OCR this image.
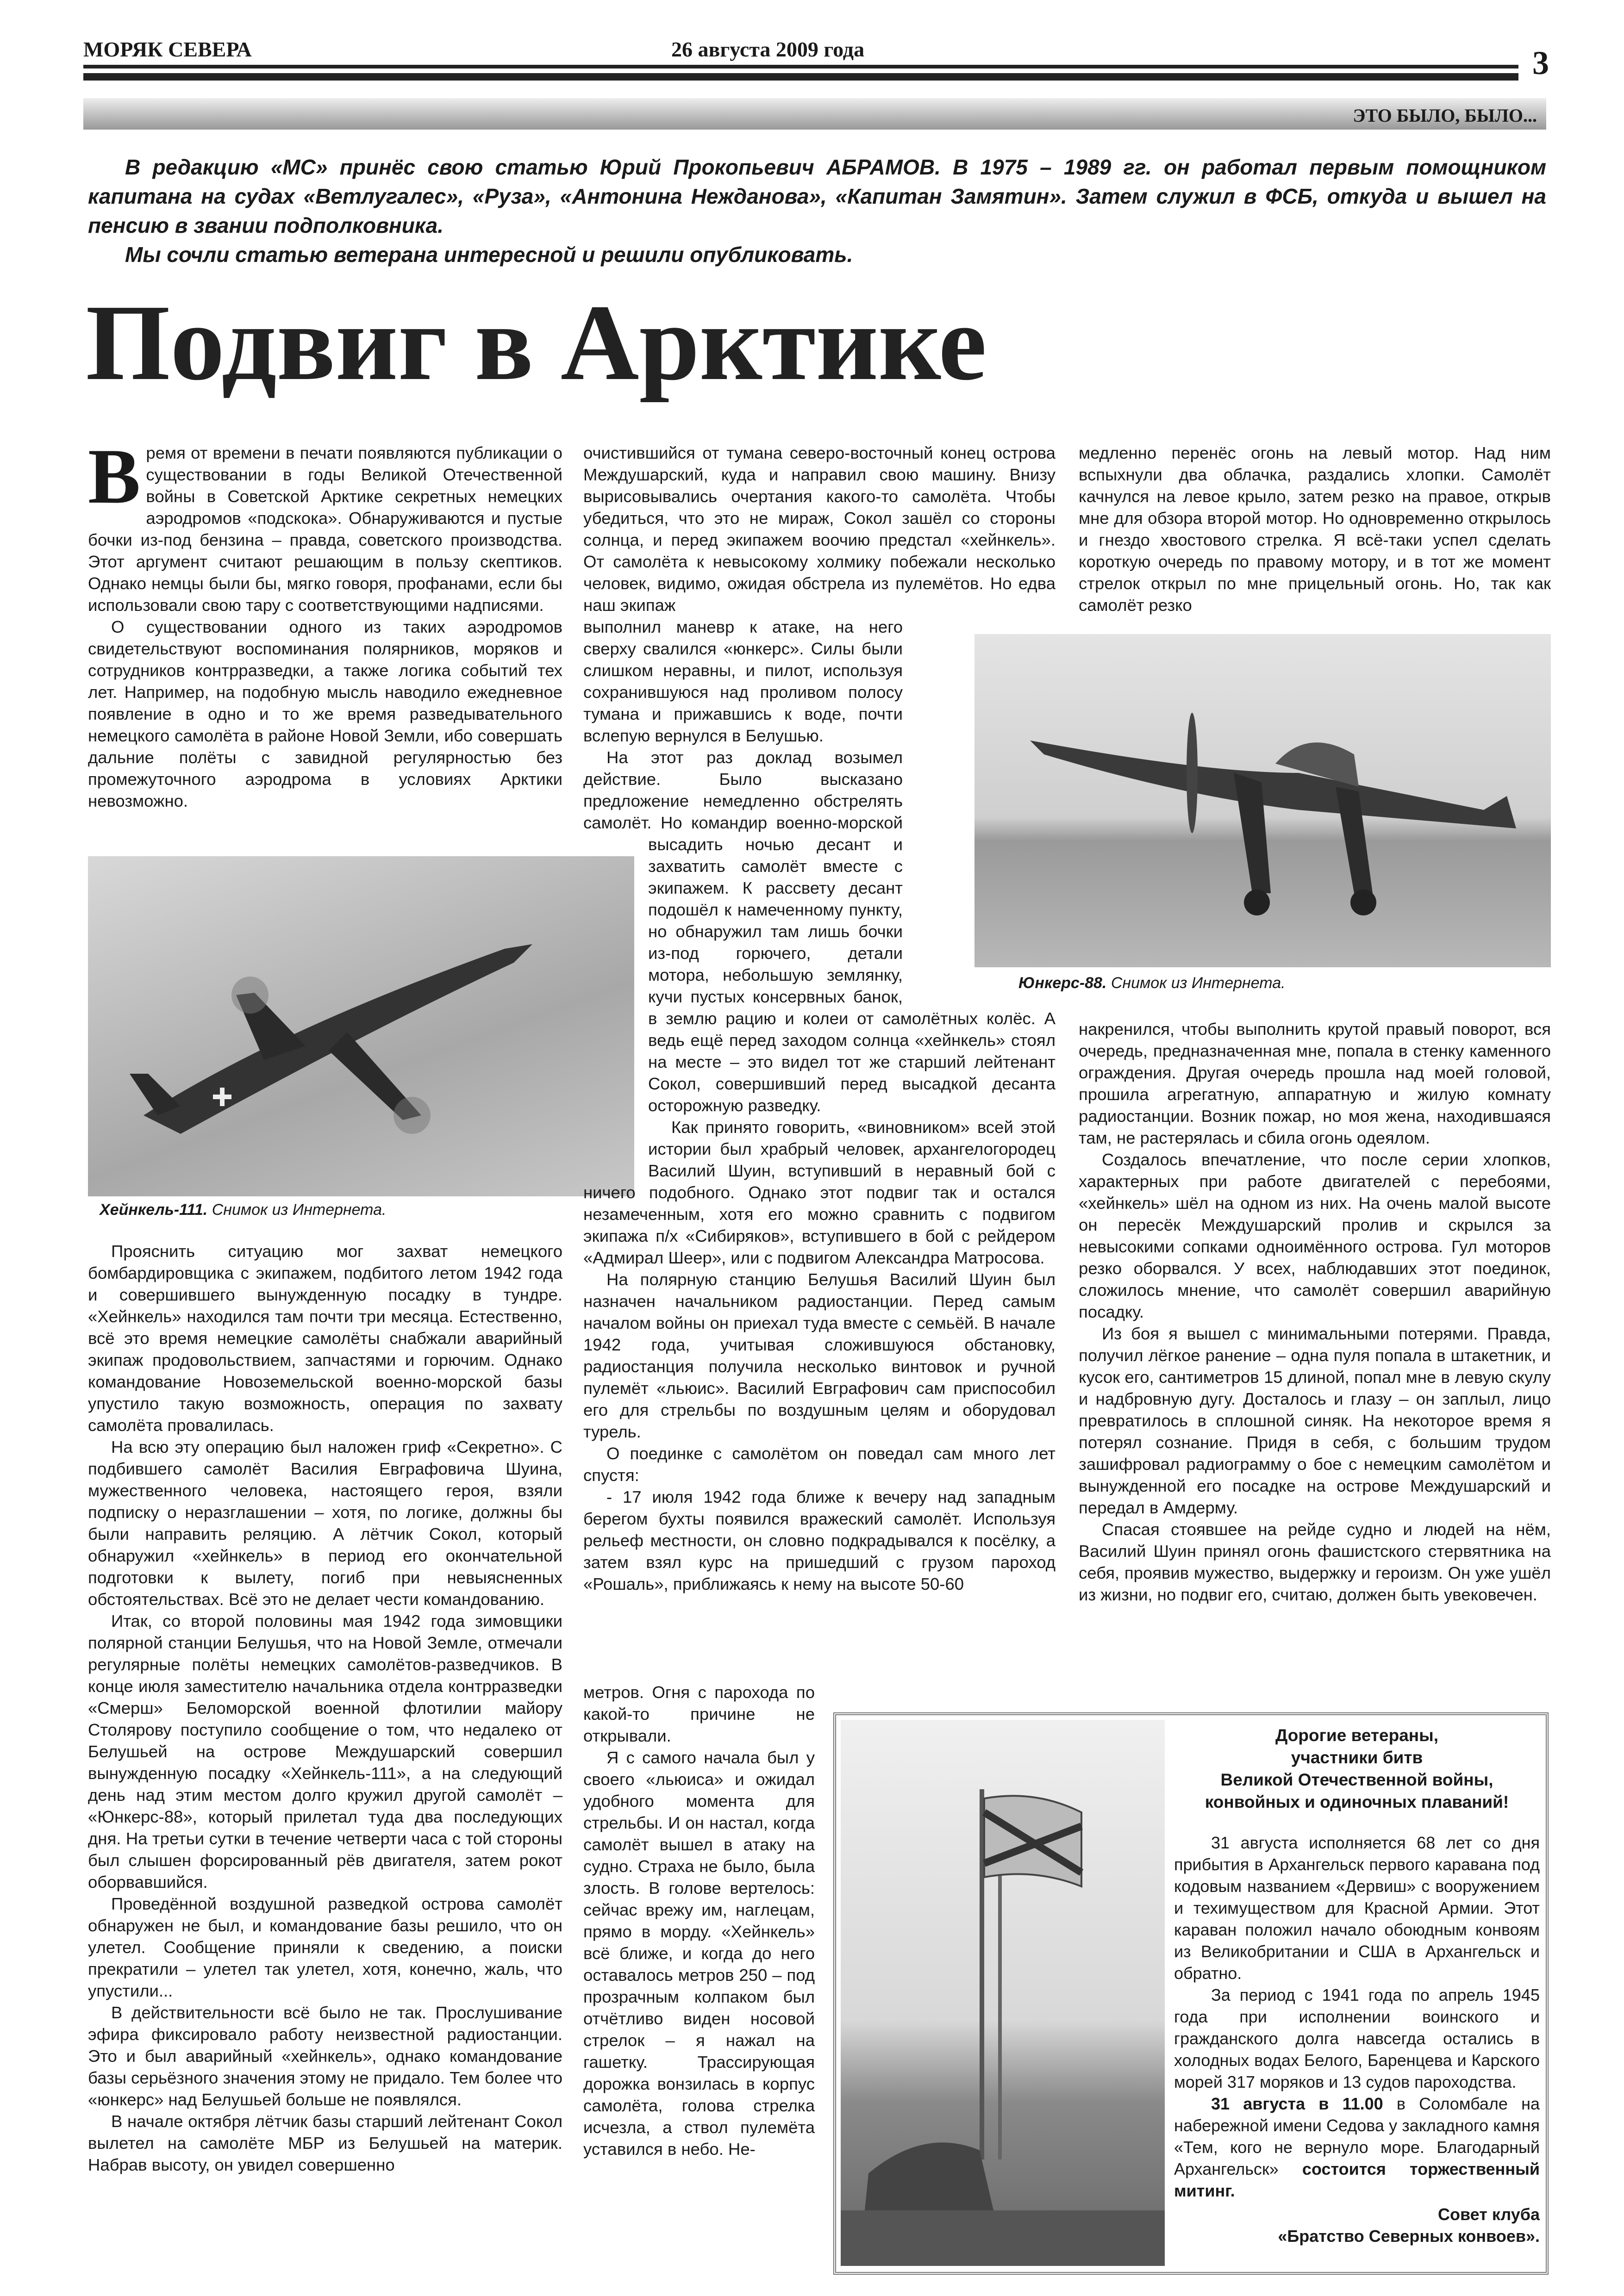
МОРЯК СЕВЕРА	26 августа 2009 года	3
ЭТО БЫЛО, БЫЛО...

В редакцию «МС» принёс свою статью Юрий Прокопьевич АБРАМОВ. В 1975 – 1989 гг. он работал первым помощником капитана на судах «Ветлугалес», «Руза», «Антонина Нежданова», «Капитан Замятин». Затем служил в ФСБ, откуда и вышел на пенсию в звании подполковника.

Мы сочли статью ветерана интересной и решили опубликовать.

Подвиг в Арктике

Время от времени в печати появляются публикации о существовании в годы Великой Отечественной войны в Советской Арктике секретных немецких аэродромов «подскока». Обнаруживаются и пустые бочки из-под бензина – правда, советского производства. Этот аргумент считают решающим в пользу скептиков. Однако немцы были бы, мягко говоря, профанами, если бы использовали свою тару с соответствующими надписями.

О существовании одного из таких аэродромов свидетельствуют воспоминания полярников, моряков и сотрудников контрразведки, а также логика событий тех лет. Например, на подобную мысль наводило ежедневное появление в одно и то же время разведывательного немецкого самолёта в районе Новой Земли, ибо совершать дальние полёты с завидной регулярностью без промежуточного аэродрома в условиях Арктики невозможно.

Хейнкель-111. Снимок из Интернета.

Прояснить ситуацию мог захват немецкого бомбардировщика с экипажем, подбитого летом 1942 года и совершившего вынужденную посадку в тундре. «Хейнкель» находился там почти три месяца. Естественно, всё это время немецкие самолёты снабжали аварийный экипаж продовольствием, запчастями и горючим. Однако командование Новоземельской военно-морской базы упустило такую возможность, операция по захвату самолёта провалилась.

На всю эту операцию был наложен гриф «Секретно». С подбившего самолёт Василия Евграфовича Шуина, мужественного человека, настоящего героя, взяли подписку о неразглашении – хотя, по логике, должны бы были направить реляцию. А лётчик Сокол, который обнаружил «хейнкель» в период его окончательной подготовки к вылету, погиб при невыясненных обстоятельствах. Всё это не делает чести командованию.

Итак, со второй половины мая 1942 года зимовщики полярной станции Белушья, что на Новой Земле, отмечали регулярные полёты немецких самолётов-разведчиков. В конце июля заместителю начальника отдела контрразведки «Смерш» Беломорской военной флотилии майору Столярову поступило сообщение о том, что недалеко от Белушьей на острове Междушарский совершил вынужденную посадку «Хейнкель-111», а на следующий день над этим местом долго кружил другой самолёт – «Юнкерс-88», который прилетал туда два последующих дня. На третьи сутки в течение четверти часа с той стороны был слышен форсированный рёв двигателя, затем рокот оборвавшийся.

Проведённой воздушной разведкой острова самолёт обнаружен не был, и командование базы решило, что он улетел. Сообщение приняли к сведению, а поиски прекратили – улетел так улетел, хотя, конечно, жаль, что упустили...

В действительности всё было не так. Прослушивание эфира фиксировало работу неизвестной радиостанции. Это и был аварийный «хейнкель», однако командование базы серьёзного значения этому не придало. Тем более что «юнкерс» над Белушьей больше не появлялся.

В начале октября лётчик базы старший лейтенант Сокол вылетел на самолёте МБР из Белушьей на материк. Набрав высоту, он увидел совершенно

очистившийся от тумана северо-восточный конец острова Междушарский, куда и направил свою машину. Внизу вырисовывались очертания какого-то самолёта. Чтобы убедиться, что это не мираж, Сокол зашёл со стороны солнца, и перед экипажем воочию предстал «хейнкель». От самолёта к невысокому холмику побежали несколько человек, видимо, ожидая обстрела из пулемётов. Но едва наш экипаж

выполнил маневр к атаке, на него сверху свалился «юнкерс». Силы были слишком неравны, и пилот, используя сохранившуюся над проливом полосу тумана и прижавшись к воде, почти вслепую вернулся в Белушью.

На этот раз доклад возымел действие. Было высказано предложение немедленно обстрелять самолёт. Но командир военно-морской

высадить ночью десант и захватить самолёт вместе с экипажем. К рассвету десант подошёл к намеченному пункту, но обнаружил там лишь бочки из-под горючего, детали мотора, небольшую землянку, кучи пустых консервных банок,

в землю рацию и колеи от самолётных колёс. А ведь ещё перед заходом солнца «хейнкель» стоял на месте – это видел тот же старший лейтенант Сокол, совершивший перед высадкой десанта осторожную разведку.

Как принято говорить, «виновником» всей этой истории был храбрый человек, архангелогородец Василий Шуин, вступивший в неравный бой с

ничего подобного. Однако этот подвиг так и остался незамеченным, хотя его можно сравнить с подвигом экипажа п/х «Сибиряков», вступившего в бой с рейдером «Адмирал Шеер», или с подвигом Александра Матросова.

На полярную станцию Белушья Василий Шуин был назначен начальником радиостанции. Перед самым началом войны он приехал туда вместе с семьёй. В начале 1942 года, учитывая сложившуюся обстановку, радиостанция получила несколько винтовок и ручной пулемёт «льюис». Василий Евграфович сам приспособил его для стрельбы по воздушным целям и оборудовал турель.

О поединке с самолётом он поведал сам много лет спустя:

- 17 июля 1942 года ближе к вечеру над западным берегом бухты появился вражеский самолёт. Используя рельеф местности, он словно подкрадывался к посёлку, а затем взял курс на пришедший с грузом пароход «Рошаль», приближаясь к нему на высоте 50-60

метров. Огня с парохода по какой-то причине не открывали.

Я с самого начала был у своего «льюиса» и ожидал удобного момента для стрельбы. И он настал, когда самолёт вышел в атаку на судно. Страха не было, была злость. В голове вертелось: сейчас врежу им, наглецам, прямо в морду. «Хейнкель» всё ближе, и когда до него оставалось метров 250 – под прозрачным колпаком был отчётливо виден носовой стрелок – я нажал на гашетку. Трассирующая дорожка вонзилась в корпус самолёта, голова стрелка исчезла, а ствол пулемёта уставился в небо. Не-

медленно перенёс огонь на левый мотор. Над ним вспыхнули два облачка, раздались хлопки. Самолёт качнулся на левое крыло, затем резко на правое, открыв мне для обзора второй мотор. Но одновременно открылось и гнездо хвостового стрелка. Я всё-таки успел сделать короткую очередь по правому мотору, и в тот же момент стрелок открыл по мне прицельный огонь. Но, так как самолёт резко

Юнкерс-88. Снимок из Интернета.

накренился, чтобы выполнить крутой правый поворот, вся очередь, предназначенная мне, попала в стенку каменного ограждения. Другая очередь прошла над моей головой, прошила агрегатную, аппаратную и жилую комнату радиостанции. Возник пожар, но моя жена, находившаяся там, не растерялась и сбила огонь одеялом.

Создалось впечатление, что после серии хлопков, характерных при работе двигателей с перебоями, «хейнкель» шёл на одном из них. На очень малой высоте он пересёк Междушарский пролив и скрылся за невысокими сопками одноимённого острова. Гул моторов резко оборвался. У всех, наблюдавших этот поединок, сложилось мнение, что самолёт совершил аварийную посадку.

Из боя я вышел с минимальными потерями. Правда, получил лёгкое ранение – одна пуля попала в штакетник, и кусок его, сантиметров 15 длиной, попал мне в левую скулу и надбровную дугу. Досталось и глазу – он заплыл, лицо превратилось в сплошной синяк. На некоторое время я потерял сознание. Придя в себя, с большим трудом зашифровал радиограмму о бое с немецким самолётом и вынужденной его посадке на острове Междушарский и передал в Амдерму.

Спасая стоявшее на рейде судно и людей на нём, Василий Шуин принял огонь фашистского стервятника на себя, проявив мужество, выдержку и героизм. Он уже ушёл из жизни, но подвиг его, считаю, должен быть увековечен.

Дорогие ветераны,
участники битв
Великой Отечественной войны,
конвойных и одиночных плаваний!

31 августа исполняется 68 лет со дня прибытия в Архангельск первого каравана под кодовым названием «Дервиш» с вооружением и техимуществом для Красной Армии. Этот караван положил начало обоюдным конвоям из Великобритании и США в Архангельск и обратно.

За период с 1941 года по апрель 1945 года при исполнении воинского и гражданского долга навсегда остались в холодных водах Белого, Баренцева и Карского морей 317 моряков и 13 судов пароходства.

31 августа в 11.00 в Соломбале на набережной имени Седова у закладного камня «Тем, кого не вернуло море. Благодарный Архангельск» состоится торжественный митинг.

Совет клуба

«Братство Северных конвоев».
